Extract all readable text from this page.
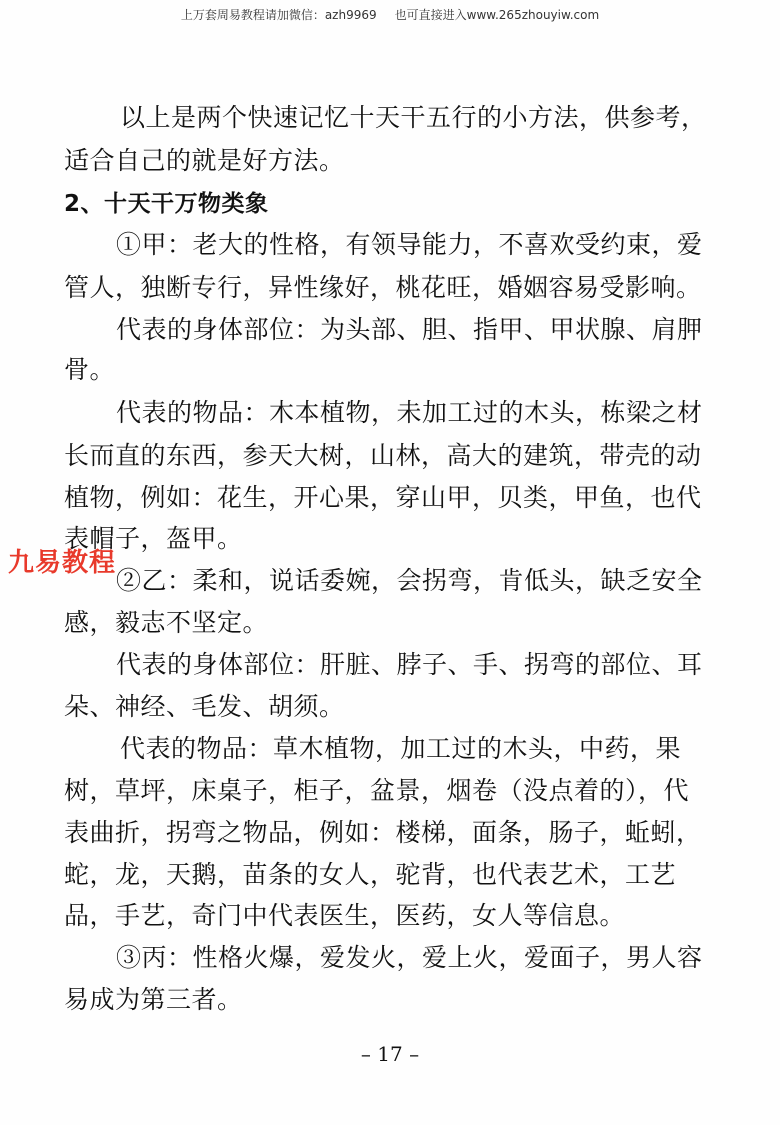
上万套周易教程请加微信：azh9969 也可直接进入www.265zhouyiw.com
以上是两个快速记忆十天干五行的小方法，供参考，
适合自己的就是好方法。
2、十天干万物类象
①甲：老大的性格，有领导能力，不喜欢受约束，爱
管人，独断专行，异性缘好，桃花旺，婚姻容易受影响。
代表的身体部位：为头部、胆、指甲、甲状腺、肩胛
骨。
代表的物品：木本植物，未加工过的木头，栋梁之材
长而直的东西，参天大树，山林，高大的建筑，带壳的动
植物，例如：花生，开心果，穿山甲，贝类，甲鱼，也代
表帽子，盔甲。
②乙：柔和，说话委婉，会拐弯，肯低头，缺乏安全
感，毅志不坚定。
代表的身体部位：肝脏、脖子、手、拐弯的部位、耳
朵、神经、毛发、胡须。
代表的物品：草木植物，加工过的木头，中药，果
树，草坪，床桌子，柜子，盆景，烟卷（没点着的），代
表曲折，拐弯之物品，例如：楼梯，面条，肠子，蚯蚓，
蛇，龙，天鹅，苗条的女人，驼背，也代表艺术，工艺
品，手艺，奇门中代表医生，医药，女人等信息。
③丙：性格火爆，爱发火，爱上火，爱面子，男人容
易成为第三者。
九易教程
– 17 –
